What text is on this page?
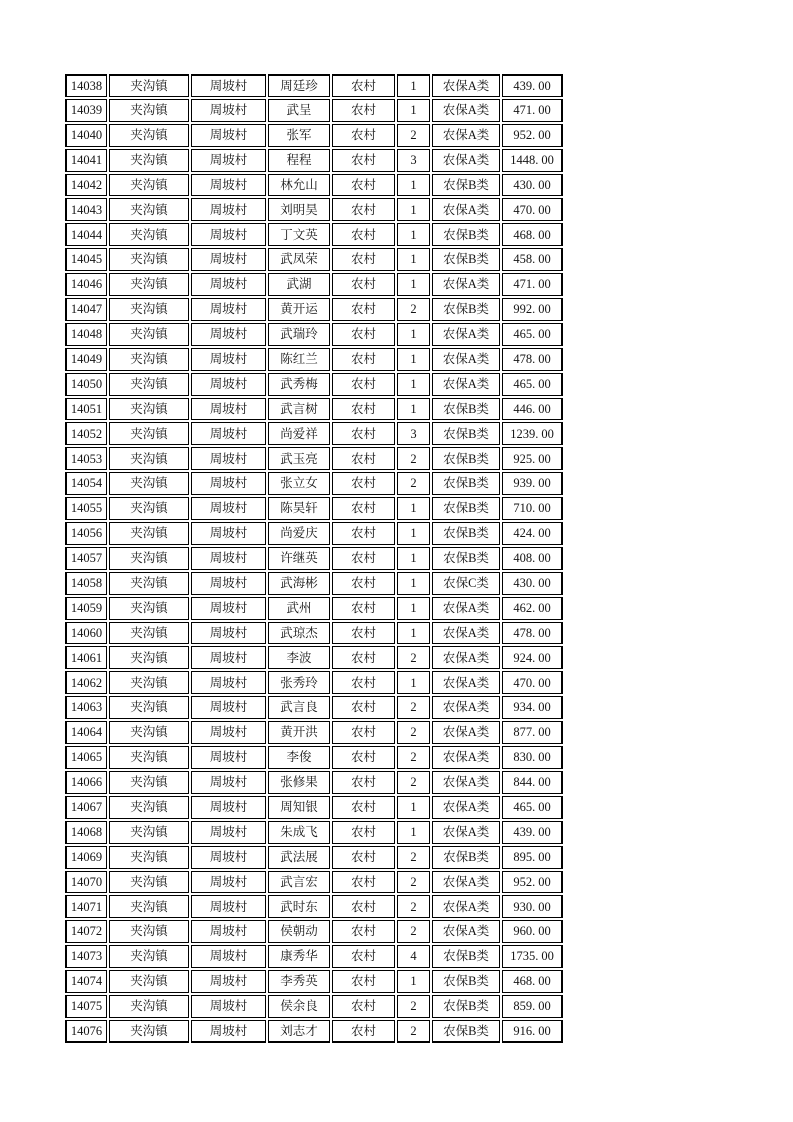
14038	夹沟镇	周坡村	周廷珍	农村	1	农保A类	439. 00
14039	夹沟镇	周坡村	武呈	农村	1	农保A类	471. 00
14040	夹沟镇	周坡村	张军	农村	2	农保A类	952. 00
14041	夹沟镇	周坡村	程程	农村	3	农保A类	1448. 00
14042	夹沟镇	周坡村	林允山	农村	1	农保B类	430. 00
14043	夹沟镇	周坡村	刘明昊	农村	1	农保A类	470. 00
14044	夹沟镇	周坡村	丁文英	农村	1	农保B类	468. 00
14045	夹沟镇	周坡村	武凤荣	农村	1	农保B类	458. 00
14046	夹沟镇	周坡村	武湖	农村	1	农保A类	471. 00
14047	夹沟镇	周坡村	黄开运	农村	2	农保B类	992. 00
14048	夹沟镇	周坡村	武瑞玲	农村	1	农保A类	465. 00
14049	夹沟镇	周坡村	陈红兰	农村	1	农保A类	478. 00
14050	夹沟镇	周坡村	武秀梅	农村	1	农保A类	465. 00
14051	夹沟镇	周坡村	武言树	农村	1	农保B类	446. 00
14052	夹沟镇	周坡村	尚爱祥	农村	3	农保B类	1239. 00
14053	夹沟镇	周坡村	武玉亮	农村	2	农保B类	925. 00
14054	夹沟镇	周坡村	张立女	农村	2	农保B类	939. 00
14055	夹沟镇	周坡村	陈昊轩	农村	1	农保B类	710. 00
14056	夹沟镇	周坡村	尚爱庆	农村	1	农保B类	424. 00
14057	夹沟镇	周坡村	许继英	农村	1	农保B类	408. 00
14058	夹沟镇	周坡村	武海彬	农村	1	农保C类	430. 00
14059	夹沟镇	周坡村	武州	农村	1	农保A类	462. 00
14060	夹沟镇	周坡村	武琼杰	农村	1	农保A类	478. 00
14061	夹沟镇	周坡村	李波	农村	2	农保A类	924. 00
14062	夹沟镇	周坡村	张秀玲	农村	1	农保A类	470. 00
14063	夹沟镇	周坡村	武言良	农村	2	农保A类	934. 00
14064	夹沟镇	周坡村	黄开洪	农村	2	农保A类	877. 00
14065	夹沟镇	周坡村	李俊	农村	2	农保A类	830. 00
14066	夹沟镇	周坡村	张修果	农村	2	农保A类	844. 00
14067	夹沟镇	周坡村	周知银	农村	1	农保A类	465. 00
14068	夹沟镇	周坡村	朱成飞	农村	1	农保A类	439. 00
14069	夹沟镇	周坡村	武法展	农村	2	农保B类	895. 00
14070	夹沟镇	周坡村	武言宏	农村	2	农保A类	952. 00
14071	夹沟镇	周坡村	武时东	农村	2	农保A类	930. 00
14072	夹沟镇	周坡村	侯朝动	农村	2	农保A类	960. 00
14073	夹沟镇	周坡村	康秀华	农村	4	农保B类	1735. 00
14074	夹沟镇	周坡村	李秀英	农村	1	农保B类	468. 00
14075	夹沟镇	周坡村	侯余良	农村	2	农保B类	859. 00
14076	夹沟镇	周坡村	刘志才	农村	2	农保B类	916. 00
